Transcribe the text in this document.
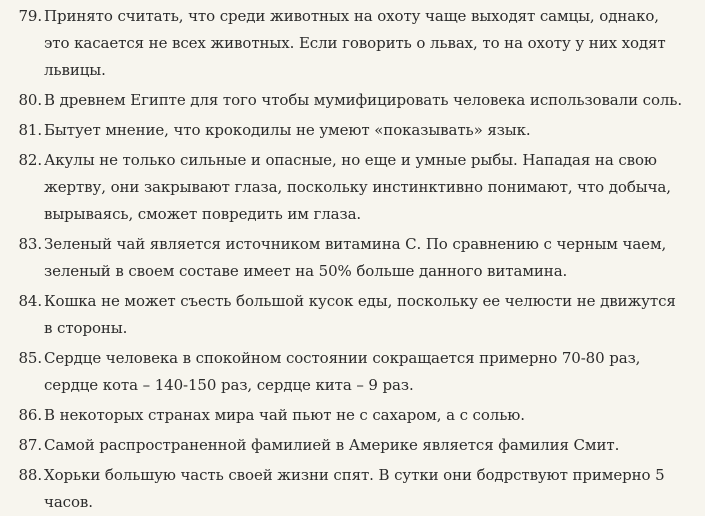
79. Принято считать, что среди животных на охоту чаще выходят самцы, однако, это касается не всех животных. Если говорить о львах, то на охоту у них ходят львицы.
80. В древнем Египте для того чтобы мумифицировать человека использовали соль.
81. Бытует мнение, что крокодилы не умеют «показывать» язык.
82. Акулы не только сильные и опасные, но еще и умные рыбы. Нападая на свою жертву, они закрывают глаза, поскольку инстинктивно понимают, что добыча, вырываясь, сможет повредить им глаза.
83. Зеленый чай является источником витамина С. По сравнению с черным чаем, зеленый в своем составе имеет на 50% больше данного витамина.
84. Кошка не может съесть большой кусок еды, поскольку ее челюсти не движутся в стороны.
85. Сердце человека в спокойном состоянии сокращается примерно 70-80 раз, сердце кота – 140-150 раз, сердце кита – 9 раз.
86. В некоторых странах мира чай пьют не с сахаром, а с солью.
87. Самой распространенной фамилией в Америке является фамилия Смит.
88. Хорьки большую часть своей жизни спят. В сутки они бодрствуют примерно 5 часов.
